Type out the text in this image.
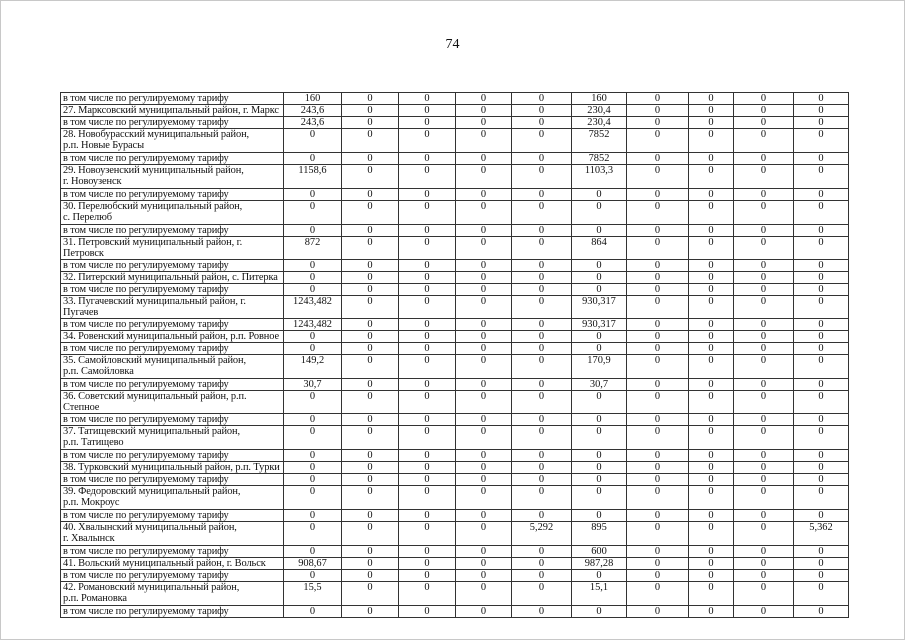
74
в том числе по регулируемому тарифу	160	0	0	0	0	160	0	0	0	0
27. Марксовский муниципальный район, г. Маркс	243,6	0	0	0	0	230,4	0	0	0	0
в том числе по регулируемому тарифу	243,6	0	0	0	0	230,4	0	0	0	0
28. Новобурасский муниципальный район,
р.п. Новые Бурасы	0	0	0	0	0	7852	0	0	0	0
в том числе по регулируемому тарифу	0	0	0	0	0	7852	0	0	0	0
29. Новоузенский муниципальный район,
г. Новоузенск	1158,6	0	0	0	0	1103,3	0	0	0	0
в том числе по регулируемому тарифу	0	0	0	0	0	0	0	0	0	0
30. Перелюбский муниципальный район,
с. Перелюб	0	0	0	0	0	0	0	0	0	0
в том числе по регулируемому тарифу	0	0	0	0	0	0	0	0	0	0
31. Петровский муниципальный район, г. Петровск	872	0	0	0	0	864	0	0	0	0
в том числе по регулируемому тарифу	0	0	0	0	0	0	0	0	0	0
32. Питерский муниципальный район, с. Питерка	0	0	0	0	0	0	0	0	0	0
в том числе по регулируемому тарифу	0	0	0	0	0	0	0	0	0	0
33. Пугачевский муниципальный район, г. Пугачев	1243,482	0	0	0	0	930,317	0	0	0	0
в том числе по регулируемому тарифу	1243,482	0	0	0	0	930,317	0	0	0	0
34. Ровенский муниципальный район, р.п. Ровное	0	0	0	0	0	0	0	0	0	0
в том числе по регулируемому тарифу	0	0	0	0	0	0	0	0	0	0
35. Самойловский муниципальный район,
р.п. Самойловка	149,2	0	0	0	0	170,9	0	0	0	0
в том числе по регулируемому тарифу	30,7	0	0	0	0	30,7	0	0	0	0
36. Советский муниципальный район, р.п. Степное	0	0	0	0	0	0	0	0	0	0
в том числе по регулируемому тарифу	0	0	0	0	0	0	0	0	0	0
37. Татищевский муниципальный район,
р.п. Татищево	0	0	0	0	0	0	0	0	0	0
в том числе по регулируемому тарифу	0	0	0	0	0	0	0	0	0	0
38. Турковский муниципальный район, р.п. Турки	0	0	0	0	0	0	0	0	0	0
в том числе по регулируемому тарифу	0	0	0	0	0	0	0	0	0	0
39. Федоровский муниципальный район,
р.п. Мокроус	0	0	0	0	0	0	0	0	0	0
в том числе по регулируемому тарифу	0	0	0	0	0	0	0	0	0	0
40. Хвалынский муниципальный район,
г. Хвалынск	0	0	0	0	5,292	895	0	0	0	5,362
в том числе по регулируемому тарифу	0	0	0	0	0	600	0	0	0	0
41. Вольский муниципальный район, г. Вольск	908,67	0	0	0	0	987,28	0	0	0	0
в том числе по регулируемому тарифу	0	0	0	0	0	0	0	0	0	0
42. Романовский муниципальный район,
р.п. Романовка	15,5	0	0	0	0	15,1	0	0	0	0
в том числе по регулируемому тарифу	0	0	0	0	0	0	0	0	0	0
